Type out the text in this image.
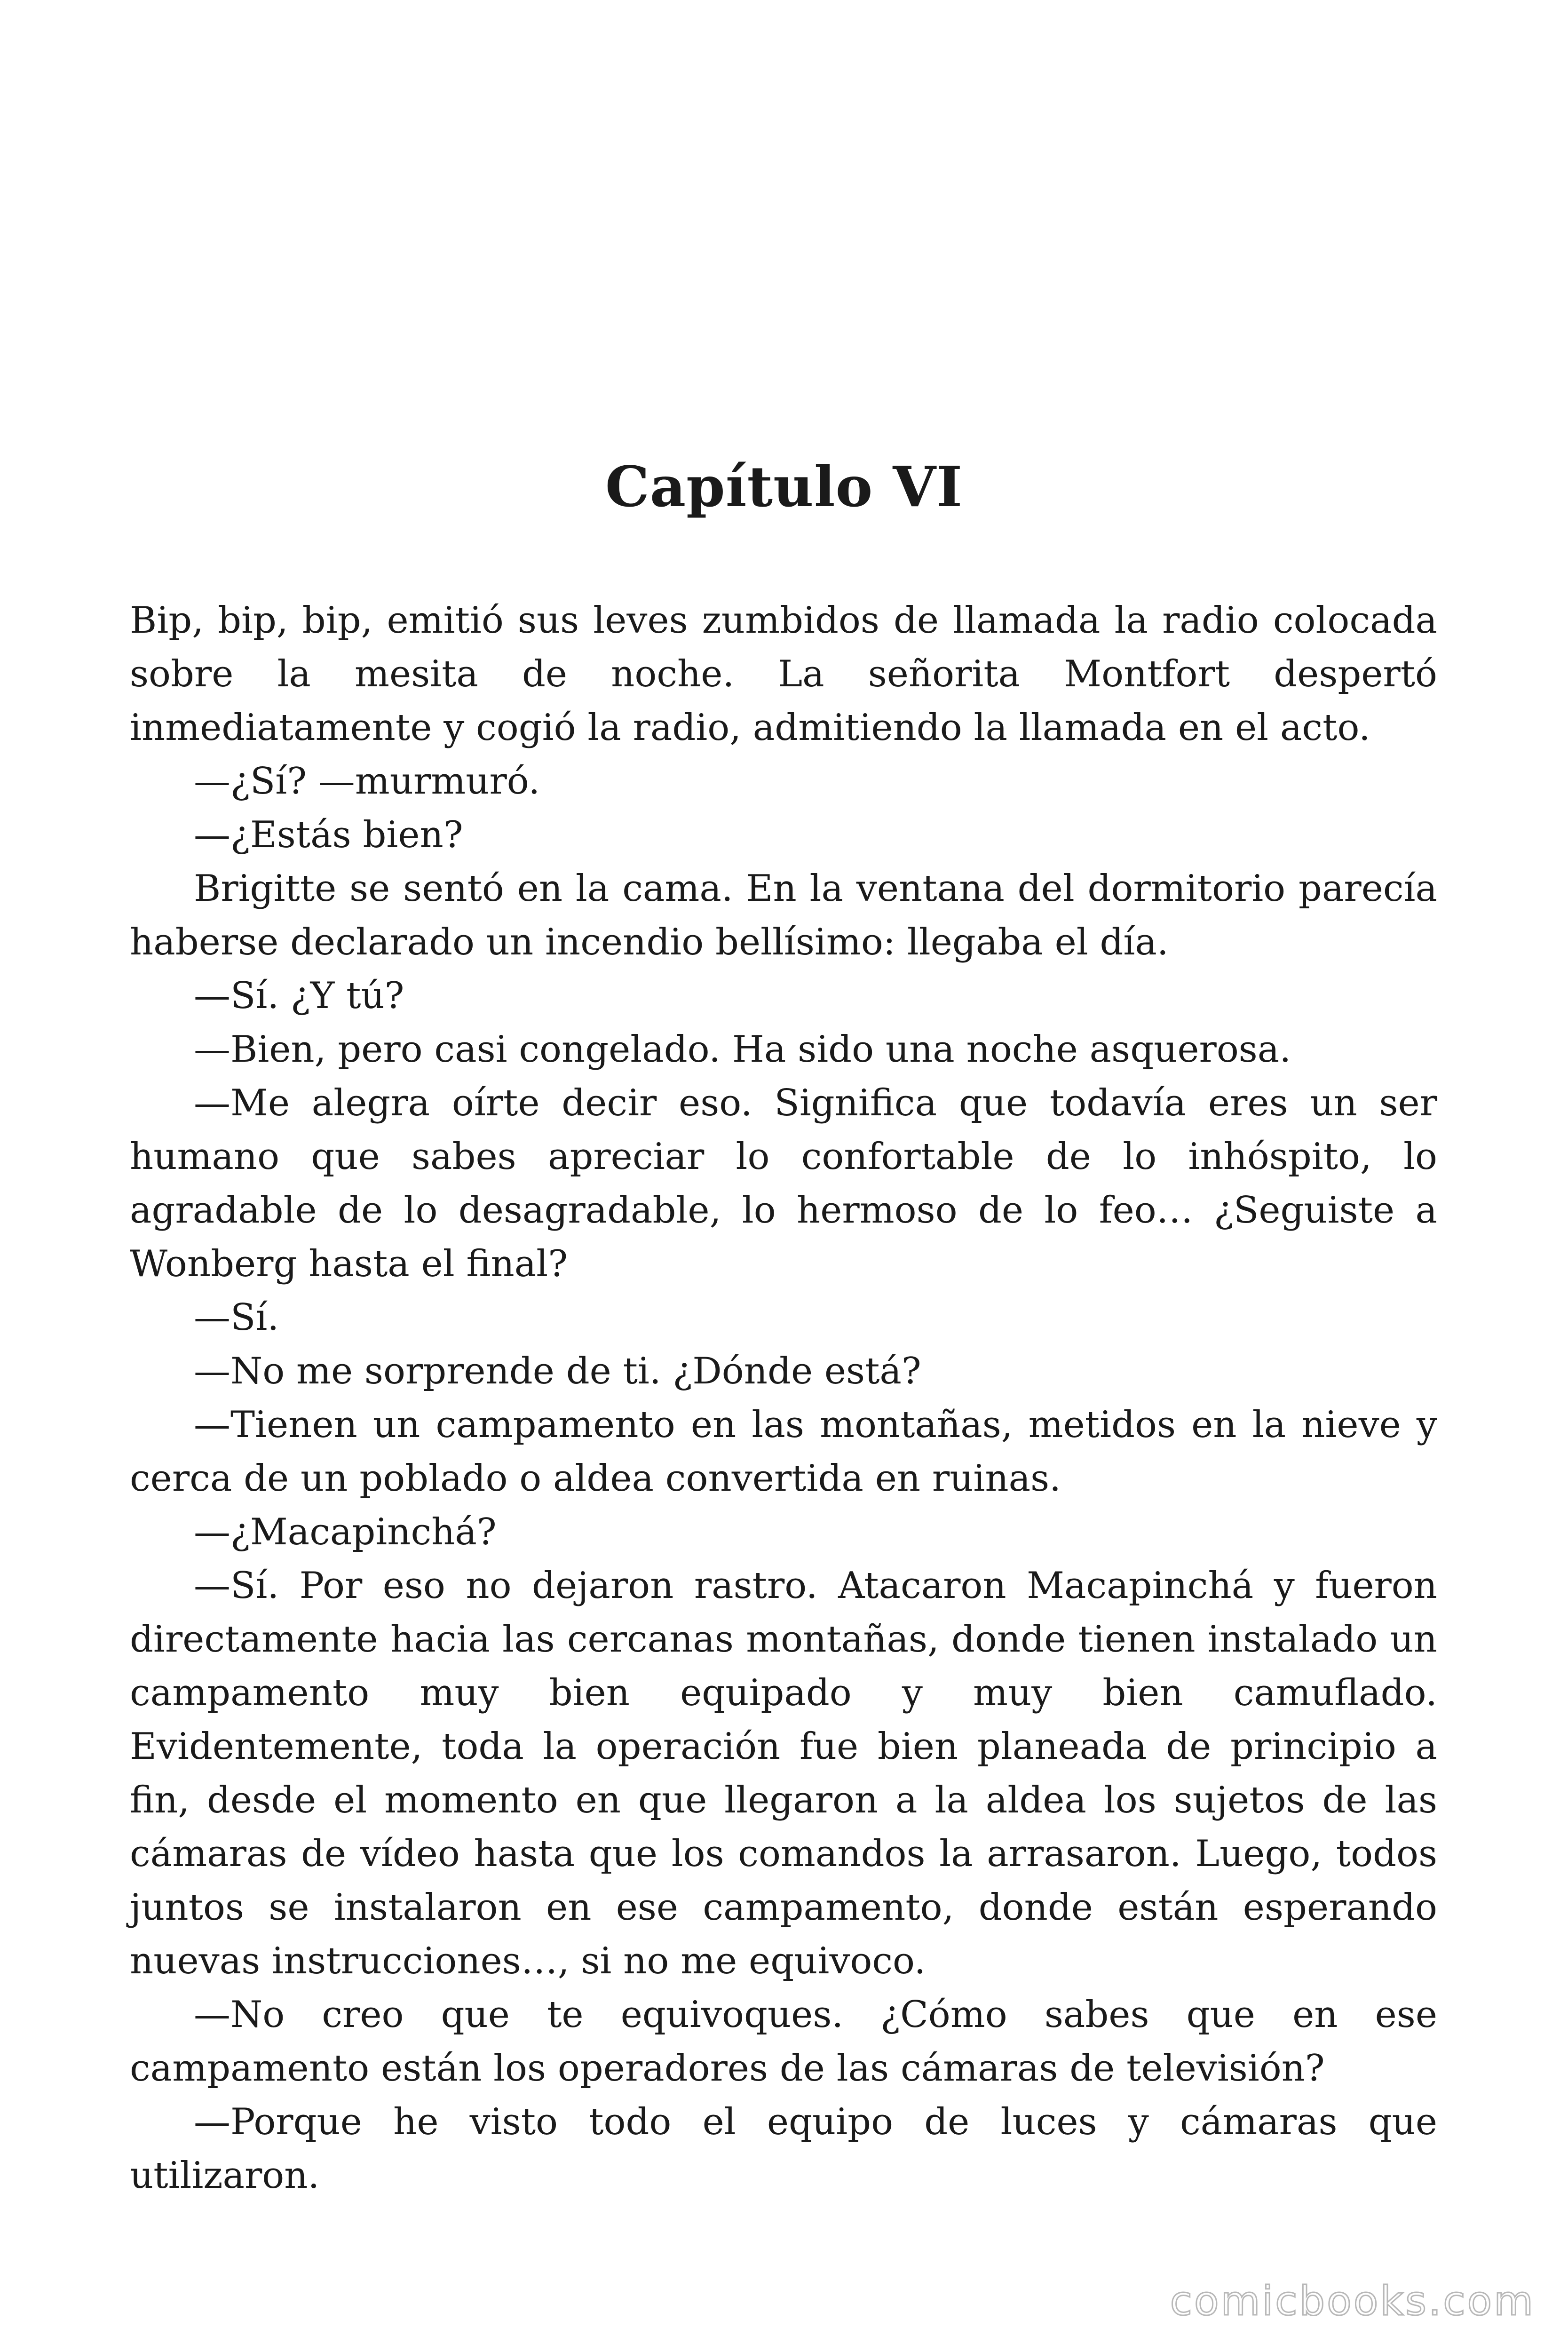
Capítulo VI

Bip, bip, bip, emitió sus leves zumbidos de llamada la radio colocada sobre la mesita de noche. La señorita Montfort despertó inmediatamente y cogió la radio, admitiendo la llamada en el acto.

—¿Sí? —murmuró.

—¿Estás bien?

Brigitte se sentó en la cama. En la ventana del dormitorio parecía haberse declarado un incendio bellísimo: llegaba el día.

—Sí. ¿Y tú?

—Bien, pero casi congelado. Ha sido una noche asquerosa.

—Me alegra oírte decir eso. Significa que todavía eres un ser humano que sabes apreciar lo confortable de lo inhóspito, lo agradable de lo desagradable, lo hermoso de lo feo… ¿Seguiste a Wonberg hasta el final?

—Sí.

—No me sorprende de ti. ¿Dónde está?

—Tienen un campamento en las montañas, metidos en la nieve y cerca de un poblado o aldea convertida en ruinas.

—¿Macapinchá?

—Sí. Por eso no dejaron rastro. Atacaron Macapinchá y fueron directamente hacia las cercanas montañas, donde tienen instalado un campamento muy bien equipado y muy bien camuflado. Evidentemente, toda la operación fue bien planeada de principio a fin, desde el momento en que llegaron a la aldea los sujetos de las cámaras de vídeo hasta que los comandos la arrasaron. Luego, todos juntos se instalaron en ese campamento, donde están esperando nuevas instrucciones…, si no me equivoco.

—No creo que te equivoques. ¿Cómo sabes que en ese campamento están los operadores de las cámaras de televisión?

—Porque he visto todo el equipo de luces y cámaras que utilizaron.

comicbooks.com
